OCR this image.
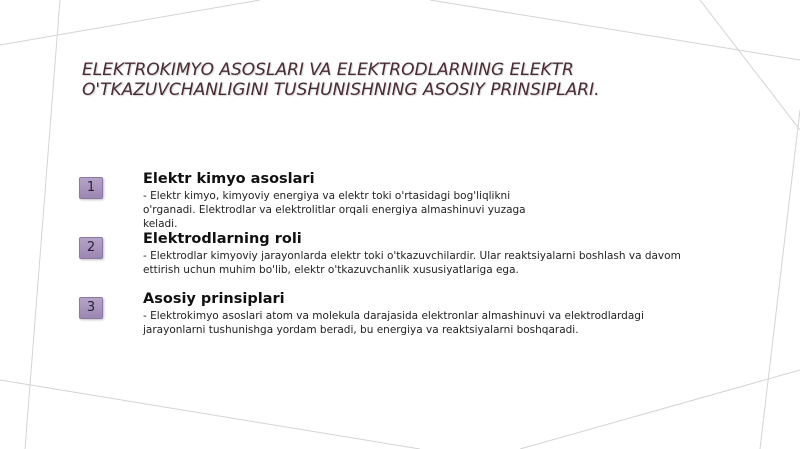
ELEKTROKIMYO ASOSLARI VA ELEKTRODLARNING ELEKTR
O'TKAZUVCHANLIGINI TUSHUNISHNING ASOSIY PRINSIPLARI.
1
Elektr kimyo asoslari
- Elektr kimyo, kimyoviy energiya va elektr toki o'rtasidagi bog'liqlikni o'rganadi. Elektrodlar va elektrolitlar orqali energiya almashinuvi yuzaga keladi.
2
Elektrodlarning roli
- Elektrodlar kimyoviy jarayonlarda elektr toki o'tkazuvchilardir. Ular reaktsiyalarni boshlash va davom ettirish uchun muhim bo'lib, elektr o'tkazuvchanlik xususiyatlariga ega.
3
Asosiy prinsiplari
- Elektrokimyo asoslari atom va molekula darajasida elektronlar almashinuvi va elektrodlardagi jarayonlarni tushunishga yordam beradi, bu energiya va reaktsiyalarni boshqaradi.
